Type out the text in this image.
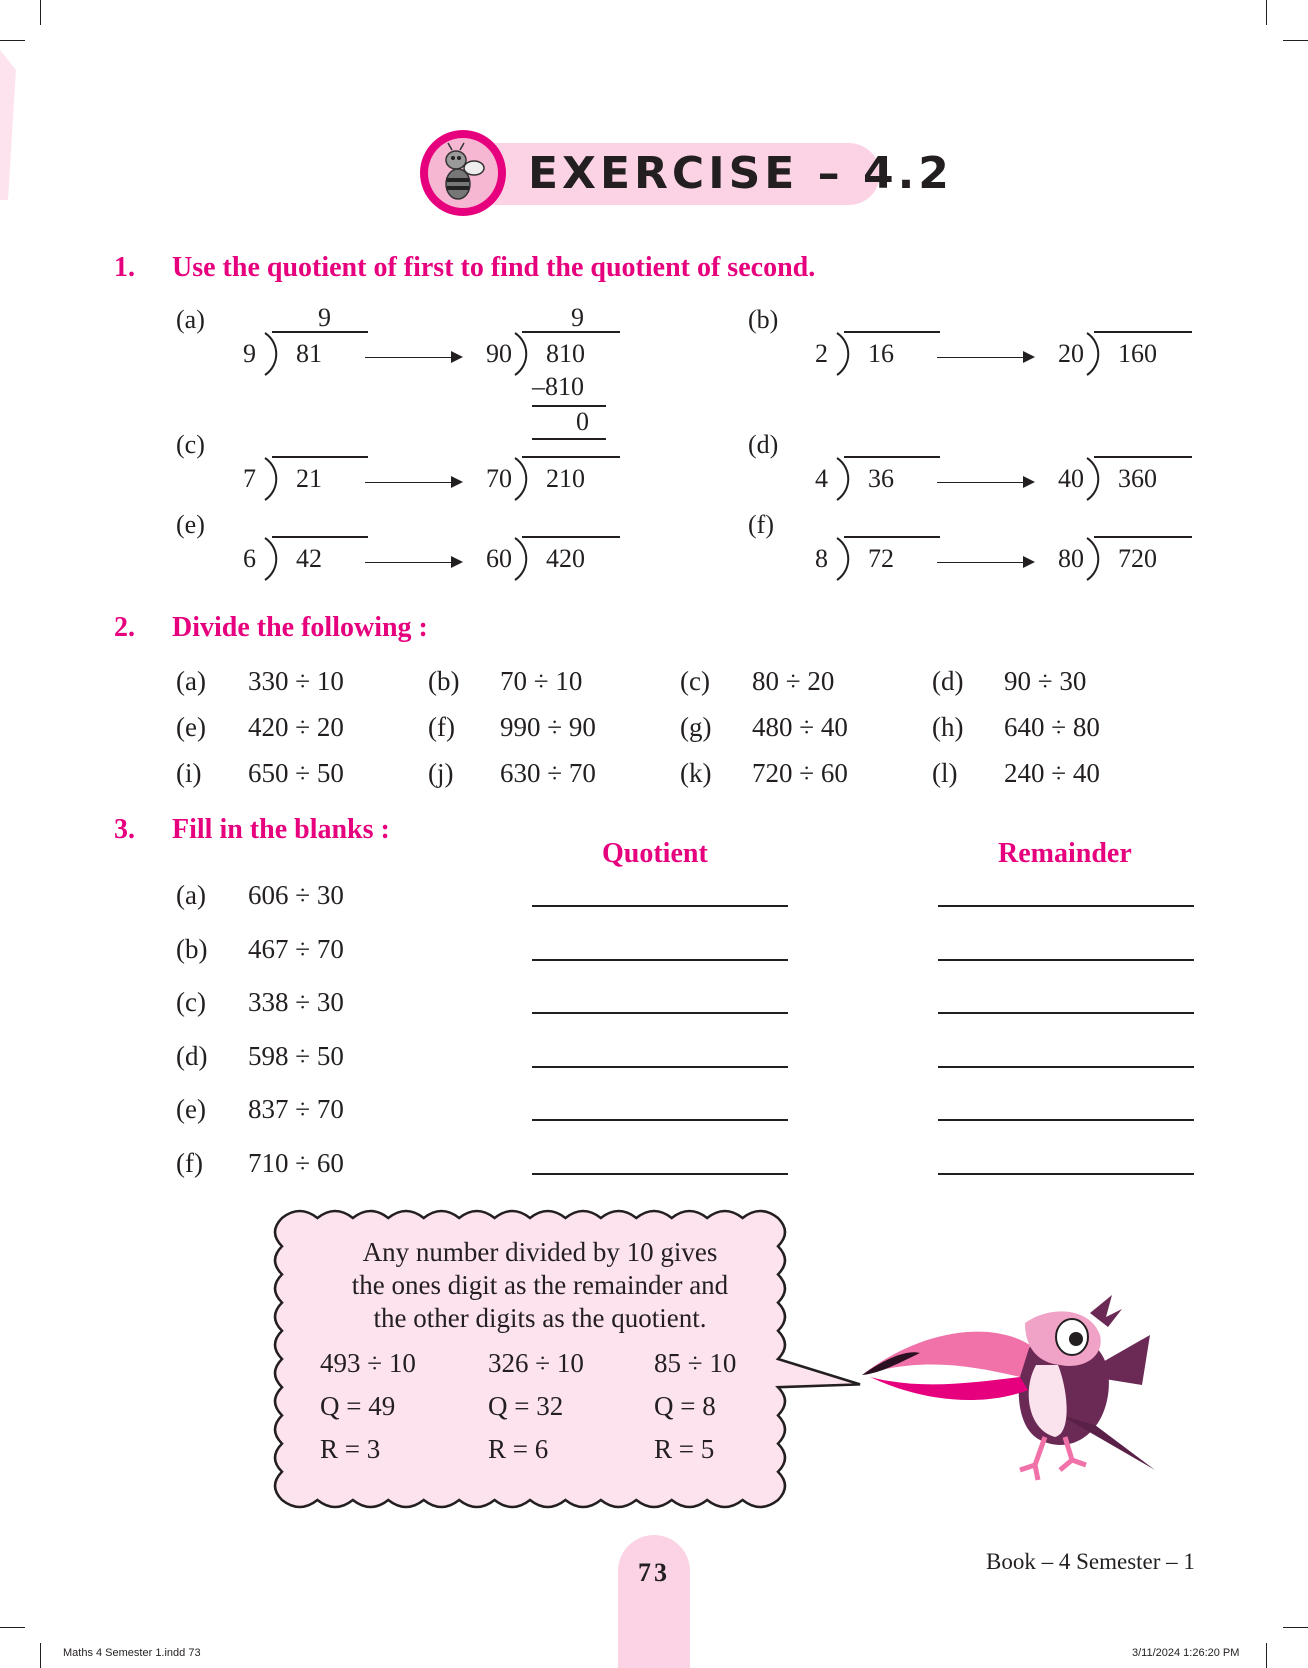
EXERCISE – 4.2
1. Use the quotient of first to find the quotient of second.
(a)
9 81
9
90 810
9
–810
0
(b)
2 16	20 160
(c)
7 21	70 210
(d)
4 36	40 360
(e)
6 42	60 420
(f)
8 72	80 720
2. Divide the following :
(a) 330 ÷ 10	(b) 70 ÷ 10	(c) 80 ÷ 20	(d) 90 ÷ 30
(e) 420 ÷ 20	(f) 990 ÷ 90	(g) 480 ÷ 40	(h) 640 ÷ 80
(i) 650 ÷ 50	(j) 630 ÷ 70	(k) 720 ÷ 60	(l) 240 ÷ 40
3. Fill in the blanks :
Quotient	Remainder
(a) 606 ÷ 30
(b) 467 ÷ 70
(c) 338 ÷ 30
(d) 598 ÷ 50
(e) 837 ÷ 70
(f) 710 ÷ 60
Any number divided by 10 gives
the ones digit as the remainder and
the other digits as the quotient.
493 ÷ 10
Q = 49
R = 3
326 ÷ 10
Q = 32
R = 6
85 ÷ 10
Q = 8
R = 5
73	Book – 4 Semester – 1
Maths 4 Semester 1.indd 73	3/11/2024 1:26:20 PM
